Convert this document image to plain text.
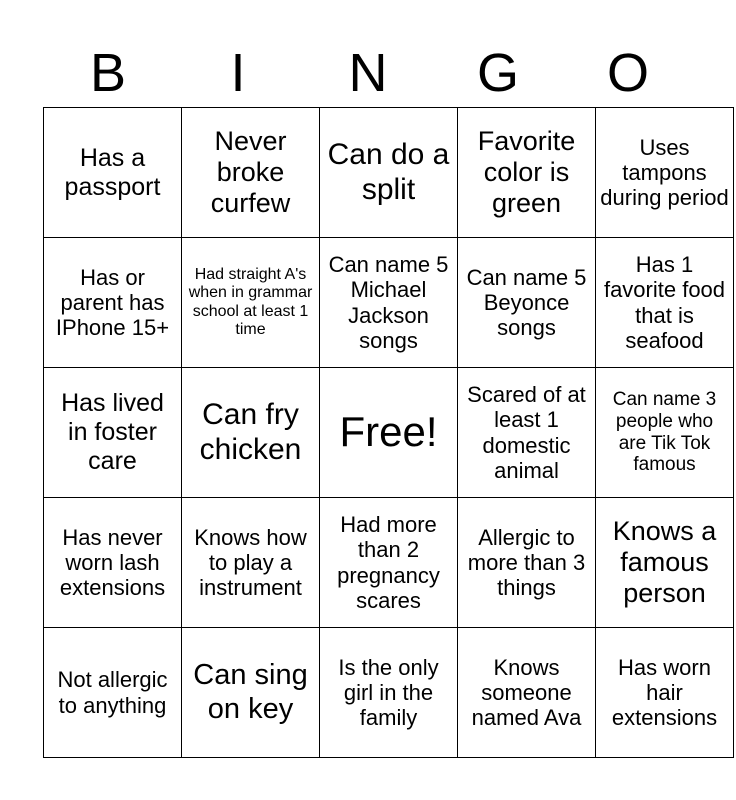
B	I	N	G	O
Has a passport	Never broke curfew	Can do a split	Favorite color is green	Uses tampons during period
Has or parent has IPhone 15+	Had straight A's when in grammar school at least 1 time	Can name 5 Michael Jackson songs	Can name 5 Beyonce songs	Has 1 favorite food that is seafood
Has lived in foster care	Can fry chicken	Free!	Scared of at least 1 domestic animal	Can name 3 people who are Tik Tok famous
Has never worn lash extensions	Knows how to play a instrument	Had more than 2 pregnancy scares	Allergic to more than 3 things	Knows a famous person
Not allergic to anything	Can sing on key	Is the only girl in the family	Knows someone named Ava	Has worn hair extensions
